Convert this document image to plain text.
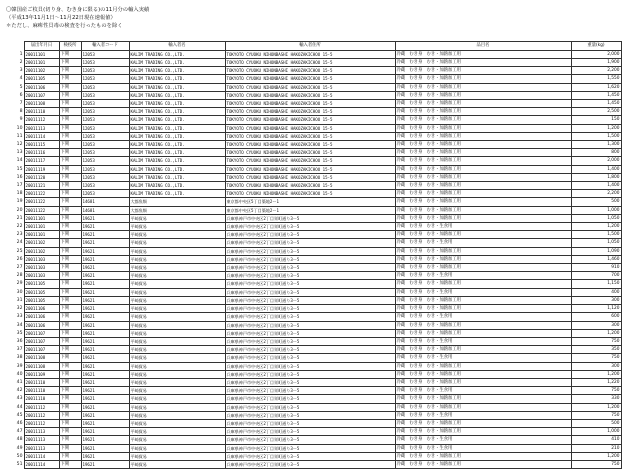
〇韓国産ご枚貝(切り身、むき身に限る)の11月分の輸入実績
（平成13年11月1日～11月22日現在速報値）
＊ただし、麻痺性貝毒の検査を行ったものを除く
	届出年月日	検疫所	輸入者コード	輸入者名	輸入者住所	品目名	重量(kg)
1	20011101	下関	12053	KALIM TRADING CO.,LTD.	TOKYOTO CYUOKU NIHONBASHI HAKOZAKICHOU 15-5	冷蔵　むき身　むき・加熱加工用	2,000
2	20011101	下関	12053	KALIM TRADING CO.,LTD.	TOKYOTO CYUOKU NIHONBASHI HAKOZAKICHOU 15-5	冷蔵　むき身　むき・加熱加工用	1,900
3	20011102	下関	12053	KALIM TRADING CO.,LTD.	TOKYOTO CYUOKU NIHONBASHI HAKOZAKICHOU 15-5	冷蔵　むき身　むき・加熱加工用	2,200
4	20011105	下関	12053	KALIM TRADING CO.,LTD.	TOKYOTO CYUOKU NIHONBASHI HAKOZAKICHOU 15-5	冷蔵　むき身　むき・加熱加工用	1,550
5	20011106	下関	12053	KALIM TRADING CO.,LTD.	TOKYOTO CYUOKU NIHONBASHI HAKOZAKICHOU 15-5	冷蔵　むき身　むき・加熱加工用	1,620
6	20011107	下関	12053	KALIM TRADING CO.,LTD.	TOKYOTO CYUOKU NIHONBASHI HAKOZAKICHOU 15-5	冷蔵　むき身　むき・加熱加工用	1,450
7	20011108	下関	12053	KALIM TRADING CO.,LTD.	TOKYOTO CYUOKU NIHONBASHI HAKOZAKICHOU 15-5	冷蔵　むき身　むき・加熱加工用	1,450
8	20011110	下関	12053	KALIM TRADING CO.,LTD.	TOKYOTO CYUOKU NIHONBASHI HAKOZAKICHOU 15-5	冷蔵　むき身　むき・加熱加工用	2,500
9	20011112	下関	12053	KALIM TRADING CO.,LTD.	TOKYOTO CYUOKU NIHONBASHI HAKOZAKICHOU 15-5	冷蔵　むき身　むき・加熱加工用	150
10	20011113	下関	12053	KALIM TRADING CO.,LTD.	TOKYOTO CYUOKU NIHONBASHI HAKOZAKICHOU 15-5	冷蔵　むき身　むき・加熱加工用	1,200
11	20011114	下関	12053	KALIM TRADING CO.,LTD.	TOKYOTO CYUOKU NIHONBASHI HAKOZAKICHOU 15-5	冷蔵　むき身　むき・加熱加工用	1,500
12	20011115	下関	12053	KALIM TRADING CO.,LTD.	TOKYOTO CYUOKU NIHONBASHI HAKOZAKICHOU 15-5	冷蔵　むき身　むき・加熱加工用	1,300
13	20011116	下関	12053	KALIM TRADING CO.,LTD.	TOKYOTO CYUOKU NIHONBASHI HAKOZAKICHOU 15-5	冷蔵　むき身　むき・加熱加工用	800
14	20011117	下関	12053	KALIM TRADING CO.,LTD.	TOKYOTO CYUOKU NIHONBASHI HAKOZAKICHOU 15-5	冷蔵　むき身　むき・加熱加工用	2,000
15	20011119	下関	12053	KALIM TRADING CO.,LTD.	TOKYOTO CYUOKU NIHONBASHI HAKOZAKICHOU 15-5	冷蔵　むき身　むき・加熱加工用	1,400
16	20011120	下関	12053	KALIM TRADING CO.,LTD.	TOKYOTO CYUOKU NIHONBASHI HAKOZAKICHOU 15-5	冷蔵　むき身　むき・加熱加工用	1,800
17	20011121	下関	12053	KALIM TRADING CO.,LTD.	TOKYOTO CYUOKU NIHONBASHI HAKOZAKICHOU 15-5	冷蔵　むき身　むき・加熱加工用	1,400
18	20011122	下関	12053	KALIM TRADING CO.,LTD.	TOKYOTO CYUOKU NIHONBASHI HAKOZAKICHOU 15-5	冷蔵　むき身　むき・加熱加工用	2,200
19	20011122	下関	14681	大都魚類	東京都中央区5丁目築地2ー1	冷蔵　むき身　むき・加熱加工用	500
20	20011122	下関	14681	大都魚類	東京都中央区5丁目築地2ー1	冷蔵　むき身　むき・加熱加工用	1,000
21	20011101	下関	19621	平崎貿易	兵庫県神戸市中央区2丁目栄町通り3ー5	冷蔵　むき身　むき・加熱加工用	1,050
22	20011101	下関	19621	平崎貿易	兵庫県神戸市中央区2丁目栄町通り3ー5	冷蔵　むき身　むき・生食用	1,200
23	20011101	下関	19621	平崎貿易	兵庫県神戸市中央区2丁目栄町通り3ー5	冷蔵　むき身　むき・加熱加工用	1,500
24	20011102	下関	19621	平崎貿易	兵庫県神戸市中央区2丁目栄町通り3ー5	冷蔵　むき身　むき・生食用	1,050
25	20011102	下関	19621	平崎貿易	兵庫県神戸市中央区2丁目栄町通り3ー5	冷蔵　むき身　むき・加熱加工用	1,090
26	20011103	下関	19621	平崎貿易	兵庫県神戸市中央区2丁目栄町通り3ー5	冷蔵　むき身　むき・加熱加工用	1,460
27	20011103	下関	19621	平崎貿易	兵庫県神戸市中央区2丁目栄町通り3ー5	冷蔵　むき身　むき・加熱加工用	910
28	20011103	下関	19621	平崎貿易	兵庫県神戸市中央区2丁目栄町通り3ー5	冷蔵　むき身　むき・生食用	700
29	20011105	下関	19621	平崎貿易	兵庫県神戸市中央区2丁目栄町通り3ー5	冷蔵　むき身　むき・加熱加工用	1,150
30	20011105	下関	19621	平崎貿易	兵庫県神戸市中央区2丁目栄町通り3ー5	冷蔵　むき身　むき・生食用	400
31	20011105	下関	19621	平崎貿易	兵庫県神戸市中央区2丁目栄町通り3ー5	冷蔵　むき身　むき・加熱加工用	300
32	20011106	下関	19621	平崎貿易	兵庫県神戸市中央区2丁目栄町通り3ー5	冷蔵　むき身　むき・加熱加工用	1,120
33	20011106	下関	19621	平崎貿易	兵庫県神戸市中央区2丁目栄町通り3ー5	冷蔵　むき身　むき・生食用	600
34	20011106	下関	19621	平崎貿易	兵庫県神戸市中央区2丁目栄町通り3ー5	冷蔵　むき身　むき・加熱加工用	300
35	20011107	下関	19621	平崎貿易	兵庫県神戸市中央区2丁目栄町通り3ー5	冷蔵　むき身　むき・加熱加工用	1,200
36	20011107	下関	19621	平崎貿易	兵庫県神戸市中央区2丁目栄町通り3ー5	冷蔵　むき身　むき・生食用	750
37	20011107	下関	19621	平崎貿易	兵庫県神戸市中央区2丁目栄町通り3ー5	冷蔵　むき身　むき・加熱加工用	350
38	20011108	下関	19621	平崎貿易	兵庫県神戸市中央区2丁目栄町通り3ー5	冷蔵　むき身　むき・生食用	750
39	20011108	下関	19621	平崎貿易	兵庫県神戸市中央区2丁目栄町通り3ー5	冷蔵　むき身　むき・加熱加工用	300
40	20011109	下関	19621	平崎貿易	兵庫県神戸市中央区2丁目栄町通り3ー5	冷蔵　むき身　むき・加熱加工用	1,200
41	20011110	下関	19621	平崎貿易	兵庫県神戸市中央区2丁目栄町通り3ー5	冷蔵　むき身　むき・加熱加工用	1,220
42	20011110	下関	19621	平崎貿易	兵庫県神戸市中央区2丁目栄町通り3ー5	冷蔵　むき身　むき・生食用	750
43	20011110	下関	19621	平崎貿易	兵庫県神戸市中央区2丁目栄町通り3ー5	冷蔵　むき身　むき・加熱加工用	330
44	20011112	下関	19621	平崎貿易	兵庫県神戸市中央区2丁目栄町通り3ー5	冷蔵　むき身　むき・加熱加工用	1,200
45	20011112	下関	19621	平崎貿易	兵庫県神戸市中央区2丁目栄町通り3ー5	冷蔵　むき身　むき・生食用	750
46	20011112	下関	19621	平崎貿易	兵庫県神戸市中央区2丁目栄町通り3ー5	冷蔵　むき身　むき・加熱加工用	500
47	20011113	下関	19621	平崎貿易	兵庫県神戸市中央区2丁目栄町通り3ー5	冷蔵　むき身　むき・加熱加工用	1,000
48	20011113	下関	19621	平崎貿易	兵庫県神戸市中央区2丁目栄町通り3ー5	冷蔵　むき身　むき・生食用	410
49	20011113	下関	19621	平崎貿易	兵庫県神戸市中央区2丁目栄町通り3ー5	冷蔵　むき身　むき・生食用	210
50	20011114	下関	19621	平崎貿易	兵庫県神戸市中央区2丁目栄町通り3ー5	冷蔵　むき身　むき・加熱加工用	1,200
51	20011114	下関	19621	平崎貿易	兵庫県神戸市中央区2丁目栄町通り3ー5	冷蔵　むき身　むき・加熱加工用	750
